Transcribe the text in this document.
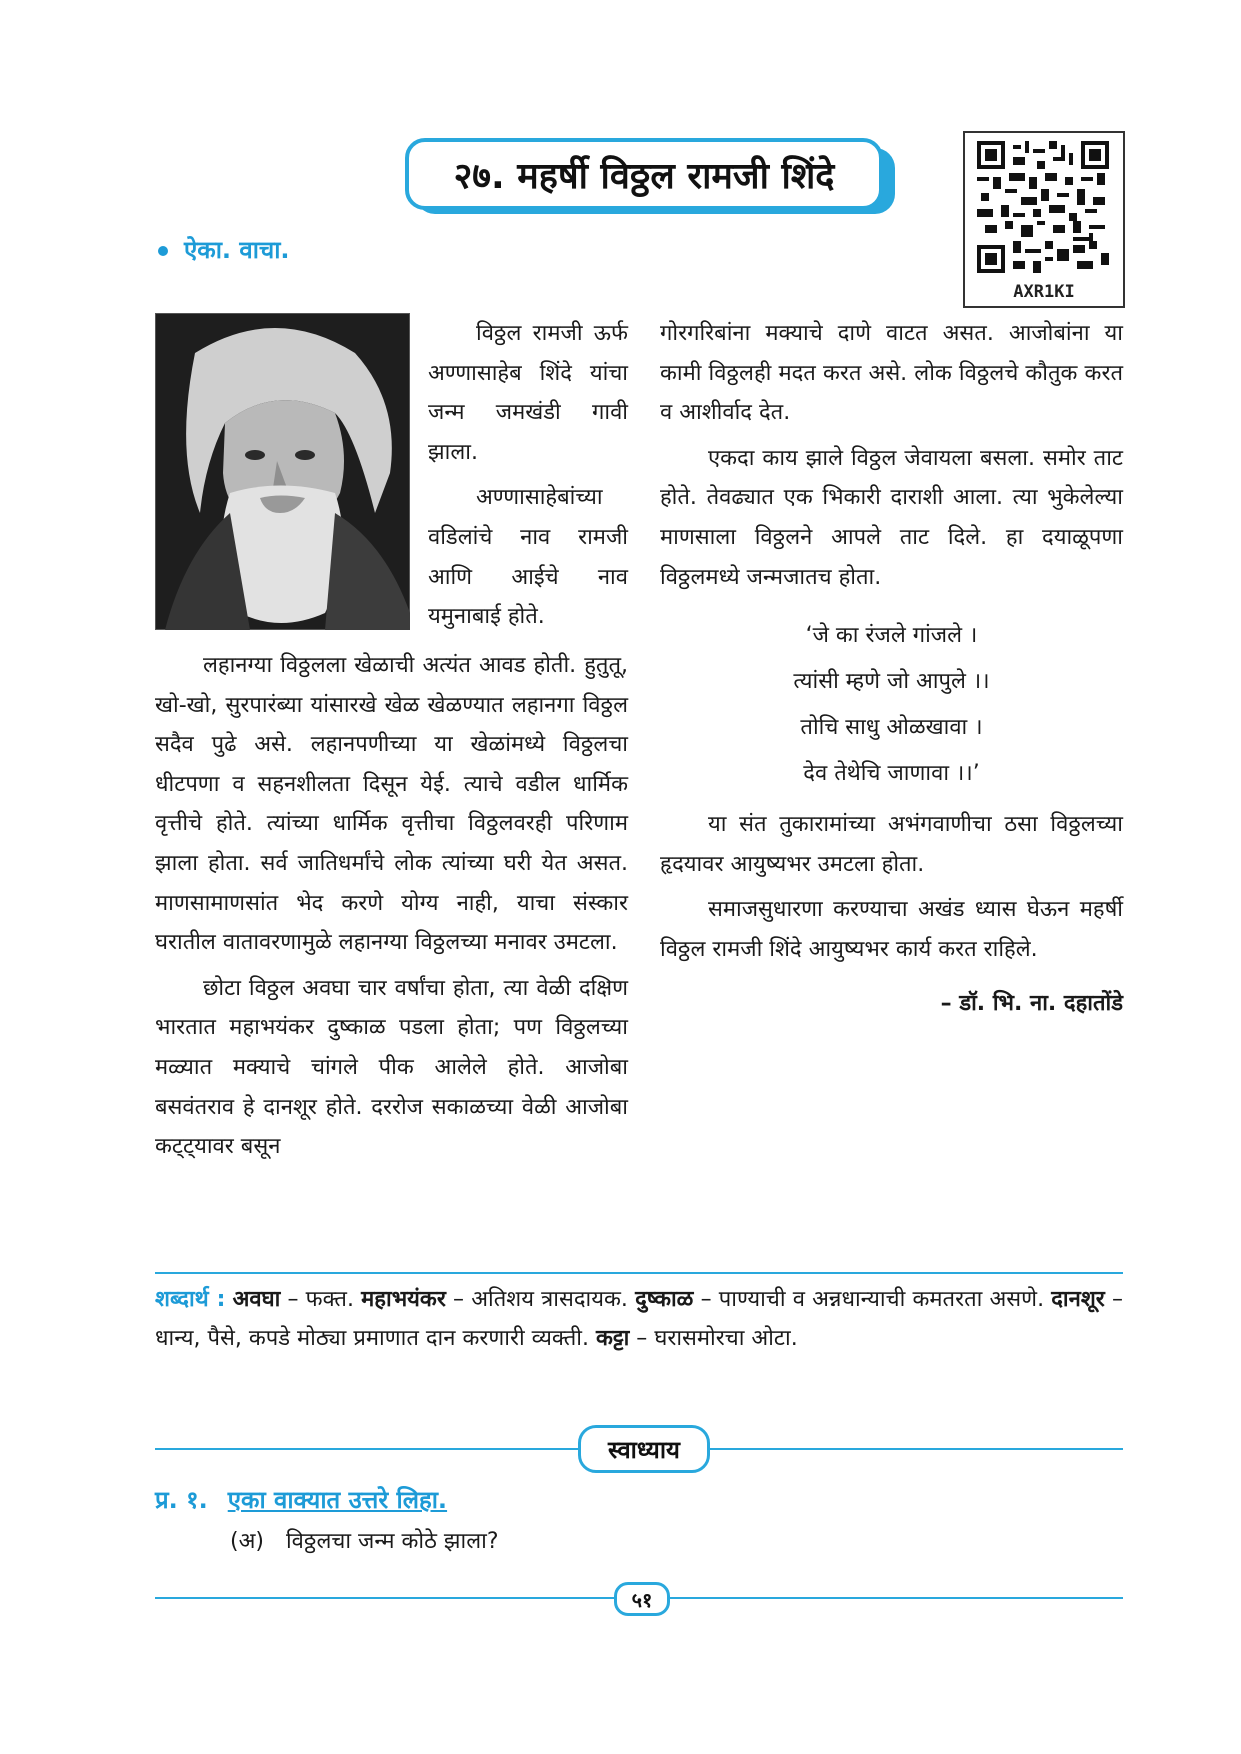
२७. महर्षी विठ्ठल रामजी शिंदे
AXR1KI
ऐका. वाचा.

विठ्ठल रामजी ऊर्फ अण्णासाहेब शिंदे यांचा जन्म जमखंडी गावी झाला.

अण्णासाहेबांच्या वडिलांचे नाव रामजी आणि आईचे नाव यमुनाबाई होते.

लहानग्या विठ्ठलला खेळाची अत्यंत आवड होती. हुतुतू, खो-खो, सुरपारंब्या यांसारखे खेळ खेळण्यात लहानगा विठ्ठल सदैव पुढे असे. लहानपणीच्या या खेळांमध्ये विठ्ठलचा धीटपणा व सहनशीलता दिसून येई. त्याचे वडील धार्मिक वृत्तीचे होते. त्यांच्या धार्मिक वृत्तीचा विठ्ठलवरही परिणाम झाला होता. सर्व जातिधर्मांचे लोक त्यांच्या घरी येत असत. माणसामाणसांत भेद करणे योग्य नाही, याचा संस्कार घरातील वातावरणामुळे लहानग्या विठ्ठलच्या मनावर उमटला.

छोटा विठ्ठल अवघा चार वर्षांचा होता, त्या वेळी दक्षिण भारतात महाभयंकर दुष्काळ पडला होता; पण विठ्ठलच्या मळ्यात मक्याचे चांगले पीक आलेले होते. आजोबा बसवंतराव हे दानशूर होते. दररोज सकाळच्या वेळी आजोबा कट्ट्यावर बसून

गोरगरिबांना मक्याचे दाणे वाटत असत. आजोबांना या कामी विठ्ठलही मदत करत असे. लोक विठ्ठलचे कौतुक करत व आशीर्वाद देत.

एकदा काय झाले विठ्ठल जेवायला बसला. समोर ताट होते. तेवढ्यात एक भिकारी दाराशी आला. त्या भुकेलेल्या माणसाला विठ्ठलने आपले ताट दिले. हा दयाळूपणा विठ्ठलमध्ये जन्मजातच होता.

‘जे का रंजले गांजले ।
त्यांसी म्हणे जो आपुले ।।
तोचि साधु ओळखावा ।
देव तेथेचि जाणावा ।।’

या संत तुकारामांच्या अभंगवाणीचा ठसा विठ्ठलच्या हृदयावर आयुष्यभर उमटला होता.

समाजसुधारणा करण्याचा अखंड ध्यास घेऊन महर्षी विठ्ठल रामजी शिंदे आयुष्यभर कार्य करत राहिले.

– डॉ. भि. ना. दहातोंडे

शब्दार्थ : अवघा – फक्त. महाभयंकर – अतिशय त्रासदायक. दुष्काळ – पाण्याची व अन्नधान्याची कमतरता असणे. दानशूर – धान्य, पैसे, कपडे मोठ्या प्रमाणात दान करणारी व्यक्ती. कट्टा – घरासमोरचा ओटा.
स्वाध्याय
प्र. १. एका वाक्यात उत्तरे लिहा.
(अ) विठ्ठलचा जन्म कोठे झाला?
५१
